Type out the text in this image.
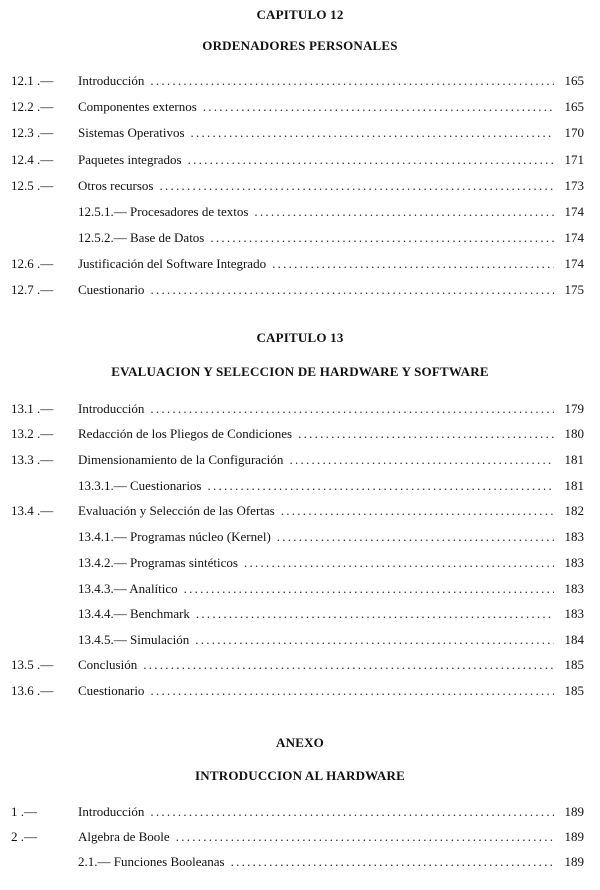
CAPITULO 12
ORDENADORES PERSONALES
12.1 .— Introducción . . .	165
12.2 .— Componentes externos . . .	165
12.3 .— Sistemas Operativos . . .	170
12.4 .— Paquetes integrados . . .	171
12.5 .— Otros recursos . . .	173
12.5.1.— Procesadores de textos . . .	174
12.5.2.— Base de Datos . . .	174
12.6 .— Justificación del Software Integrado . . .	174
12.7 .— Cuestionario . . .	175
CAPITULO 13
EVALUACION Y SELECCION DE HARDWARE Y SOFTWARE
13.1 .— Introducción . . .	179
13.2 .— Redacción de los Pliegos de Condiciones . . .	180
13.3 .— Dimensionamiento de la Configuración . . .	181
13.3.1.— Cuestionarios . . .	181
13.4 .— Evaluación y Selección de las Ofertas . . .	182
13.4.1.— Programas núcleo (Kernel) . . .	183
13.4.2.— Programas sintéticos . . .	183
13.4.3.— Analítico . . .	183
13.4.4.— Benchmark . . .	183
13.4.5.— Simulación . . .	184
13.5 .— Conclusión . . .	185
13.6 .— Cuestionario . . .	185
ANEXO
INTRODUCCION AL HARDWARE
1 .—	Introducción . . .	189
2 .—	Algebra de Boole . . .	189
2.1.— Funciones Booleanas . . .	189
